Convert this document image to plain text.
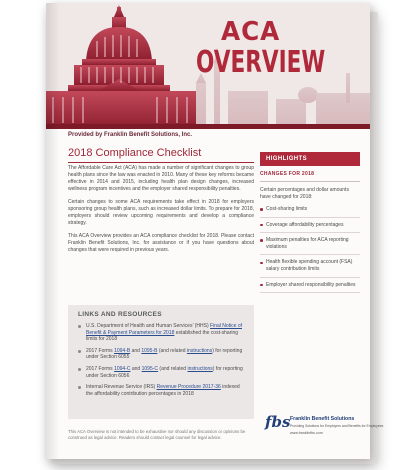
ACA
OVERVIEW
Provided by Franklin Benefit Solutions, Inc.
2018 Compliance Checklist

The Affordable Care Act (ACA) has made a number of significant changes to group health plans since the law was enacted in 2010. Many of these key reforms became effective in 2014 and 2015, including health plan design changes, increased wellness program incentives and the employer shared responsibility penalties.

Certain changes to some ACA requirements take effect in 2018 for employers sponsoring group health plans, such as increased dollar limits. To prepare for 2018, employers should review upcoming requirements and develop a compliance strategy.

This ACA Overview provides an ACA compliance checklist for 2018. Please contact Franklin Benefit Solutions, Inc. for assistance or if you have questions about changes that were required in previous years.

LINKS AND RESOURCES
U.S. Department of Health and Human Services’ (HHS) Final Notice of Benefit & Payment Parameters for 2018 established the cost-sharing limits for 2018
2017 Forms 1094-B and 1095-B (and related instructions) for reporting under Section 6055
2017 Forms 1094-C and 1095-C (and related instructions) for reporting under Section 6056
Internal Revenue Service (IRS) Revenue Procedure 2017-36 indexed the affordability contribution percentages in 2018
This ACA Overview is not intended to be exhaustive nor should any discussion or opinions be construed as legal advice. Readers should contact legal counsel for legal advice.
HIGHLIGHTS
CHANGES FOR 2018

Certain percentages and dollar amounts have changed for 2018:

Cost-sharing limits
Coverage affordability percentages
Maximum penalties for ACA reporting violations
Health flexible spending account (FSA) salary contribution limits
Employer shared responsibility penalties
fbs Franklin Benefit Solutions
Providing Solutions for Employers and Benefits for Employees
www.franklinfbs.com
